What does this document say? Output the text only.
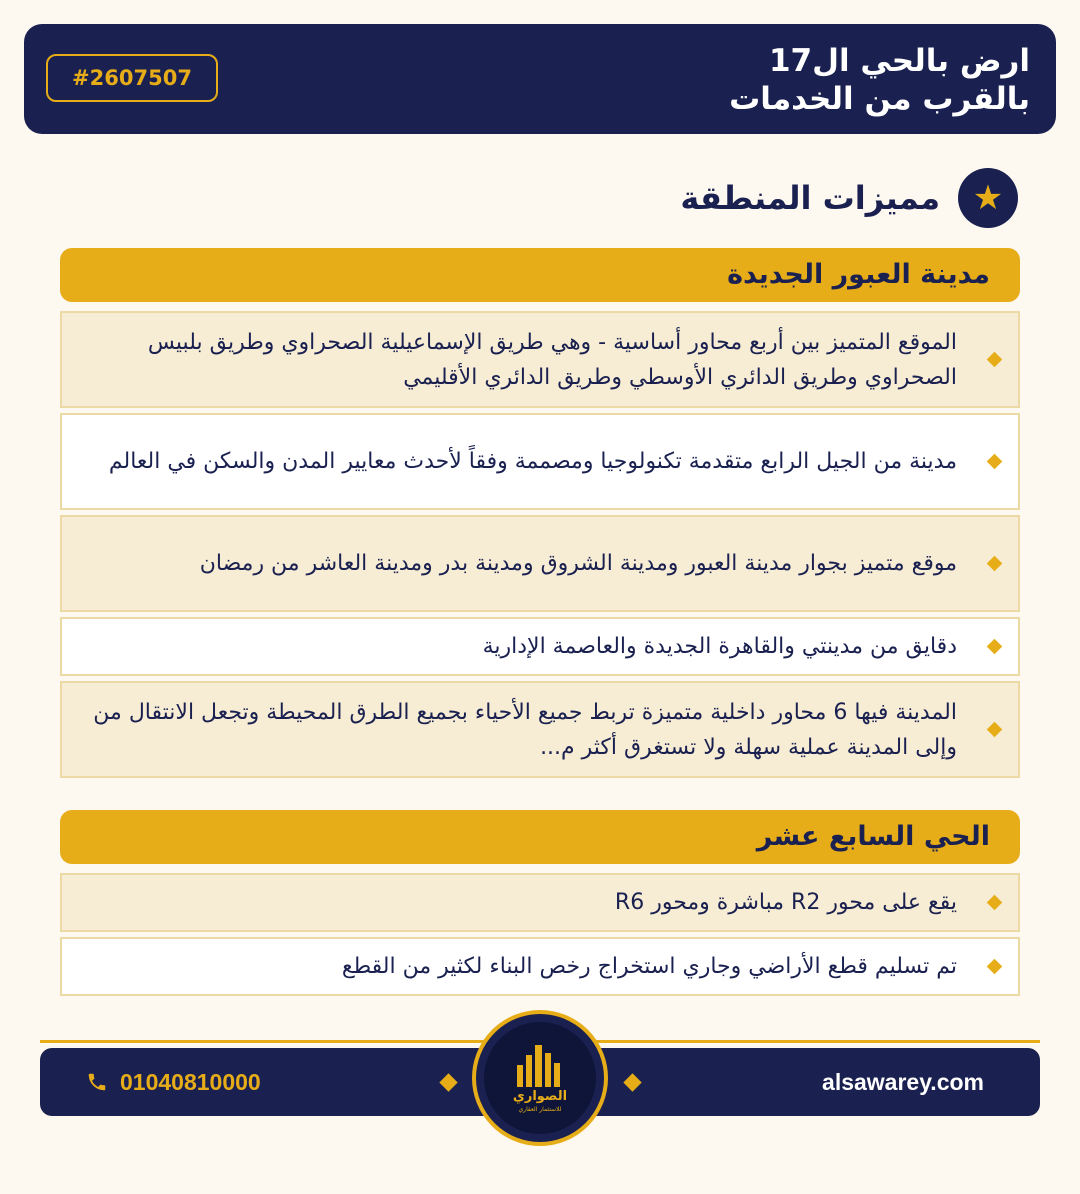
ارض بالحي ال17
بالقرب من الخدمات
#2607507
★
مميزات المنطقة
مدينة العبور الجديدة
الموقع المتميز بين أربع محاور أساسية - وهي طريق الإسماعيلية الصحراوي وطريق بلبيس الصحراوي وطريق الدائري الأوسطي وطريق الدائري الأقليمي
مدينة من الجيل الرابع متقدمة تكنولوجيا ومصممة وفقاً لأحدث معايير المدن والسكن في العالم
موقع متميز بجوار مدينة العبور ومدينة الشروق ومدينة بدر ومدينة العاشر من رمضان
دقايق من مدينتي والقاهرة الجديدة والعاصمة الإدارية
المدينة فيها 6 محاور داخلية متميزة تربط جميع الأحياء بجميع الطرق المحيطة وتجعل الانتقال من وإلى المدينة عملية سهلة ولا تستغرق أكثر م...
الحي السابع عشر
يقع على محور R2 مباشرة ومحور R6
تم تسليم قطع الأراضي وجاري استخراج رخص البناء لكثير من القطع
alsawarey.com
01040810000
الصواري
للاستثمار العقاري
